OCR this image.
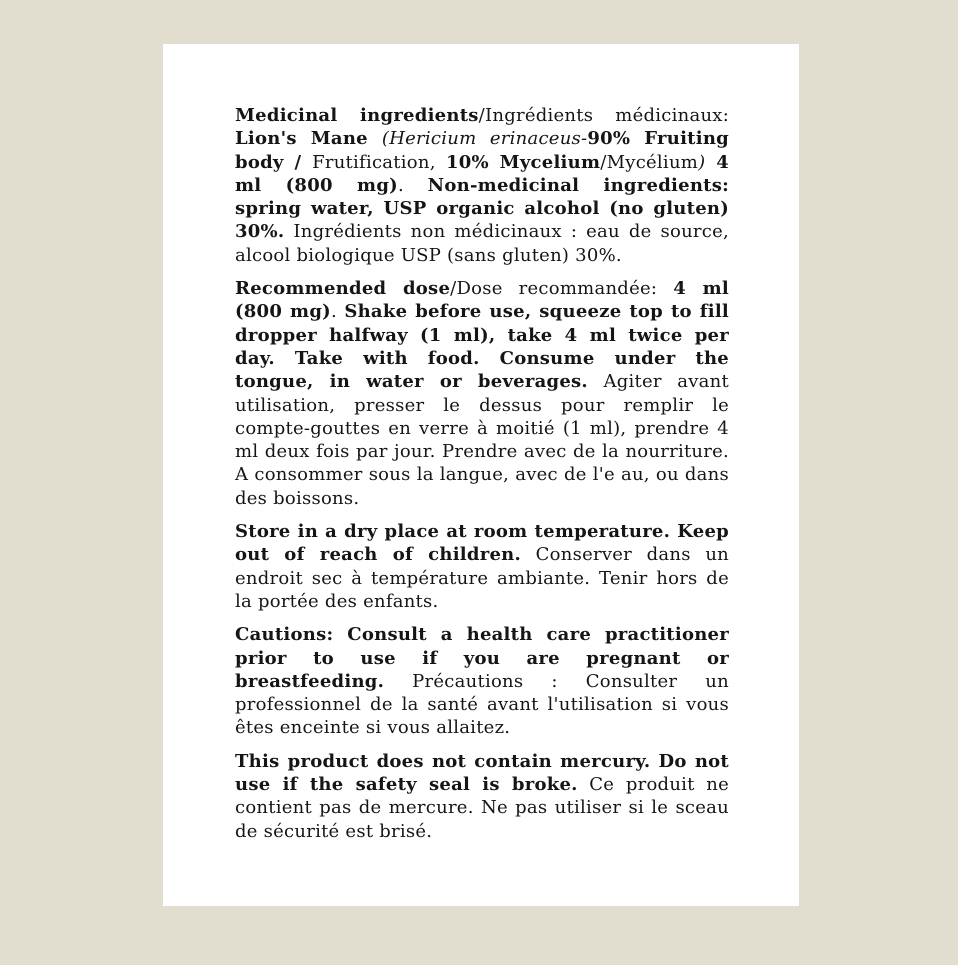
Medicinal ingredients/Ingrédients médicinaux: Lion's Mane (Hericium erinaceus-90% Fruiting body / Frutification, 10% Mycelium/Mycélium) 4 ml (800 mg). Non-medicinal ingredients: spring water, USP organic alcohol (no gluten) 30%. Ingrédients non médicinaux : eau de source, alcool biologique USP (sans gluten) 30%.

Recommended dose/Dose recommandée: 4 ml (800 mg). Shake before use, squeeze top to fill dropper halfway (1 ml), take 4 ml twice per day. Take with food. Consume under the tongue, in water or beverages. Agiter avant utilisation, presser le dessus pour remplir le compte-gouttes en verre à moitié (1 ml), prendre 4 ml deux fois par jour. Prendre avec de la nourriture. A consommer sous la langue, avec de l'e au, ou dans des boissons.

Store in a dry place at room temperature. Keep out of reach of children. Conserver dans un endroit sec à température ambiante. Tenir hors de la portée des enfants.

Cautions: Consult a health care practitioner prior to use if you are pregnant or breastfeeding. Précautions : Consulter un professionnel de la santé avant l'utilisation si vous êtes enceinte si vous allaitez.

This product does not contain mercury. Do not use if the safety seal is broke. Ce produit ne contient pas de mercure. Ne pas utiliser si le sceau de sécurité est brisé.
